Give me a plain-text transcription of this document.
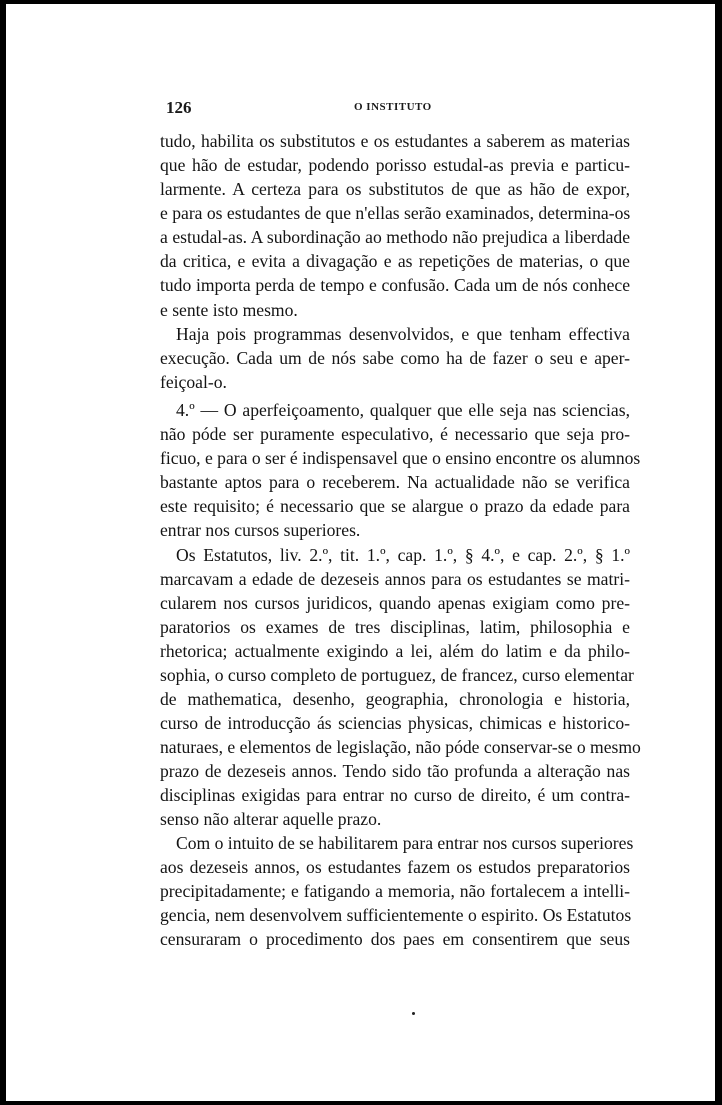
126	O INSTITUTO
tudo, habilita os substitutos e os estudantes a saberem as materias
que hão de estudar, podendo porisso estudal-as previa e particu-
larmente. A certeza para os substitutos de que as hão de expor,
e para os estudantes de que n'ellas serão examinados, determina-os
a estudal-as. A subordinação ao methodo não prejudica a liberdade
da critica, e evita a divagação e as repetições de materias, o que
tudo importa perda de tempo e confusão. Cada um de nós conhece
e sente isto mesmo.
Haja pois programmas desenvolvidos, e que tenham effectiva
execução. Cada um de nós sabe como ha de fazer o seu e aper-
feiçoal-o.
4.º — O aperfeiçoamento, qualquer que elle seja nas sciencias,
não póde ser puramente especulativo, é necessario que seja pro-
ficuo, e para o ser é indispensavel que o ensino encontre os alumnos
bastante aptos para o receberem. Na actualidade não se verifica
este requisito; é necessario que se alargue o prazo da edade para
entrar nos cursos superiores.
Os Estatutos, liv. 2.º, tit. 1.º, cap. 1.º, § 4.º, e cap. 2.º, § 1.º
marcavam a edade de dezeseis annos para os estudantes se matri-
cularem nos cursos juridicos, quando apenas exigiam como pre-
paratorios os exames de tres disciplinas, latim, philosophia e
rhetorica; actualmente exigindo a lei, além do latim e da philo-
sophia, o curso completo de portuguez, de francez, curso elementar
de mathematica, desenho, geographia, chronologia e historia,
curso de introducção ás sciencias physicas, chimicas e historico-
naturaes, e elementos de legislação, não póde conservar-se o mesmo
prazo de dezeseis annos. Tendo sido tão profunda a alteração nas
disciplinas exigidas para entrar no curso de direito, é um contra-
senso não alterar aquelle prazo.
Com o intuito de se habilitarem para entrar nos cursos superiores
aos dezeseis annos, os estudantes fazem os estudos preparatorios
precipitadamente; e fatigando a memoria, não fortalecem a intelli-
gencia, nem desenvolvem sufficientemente o espirito. Os Estatutos
censuraram o procedimento dos paes em consentirem que seus
